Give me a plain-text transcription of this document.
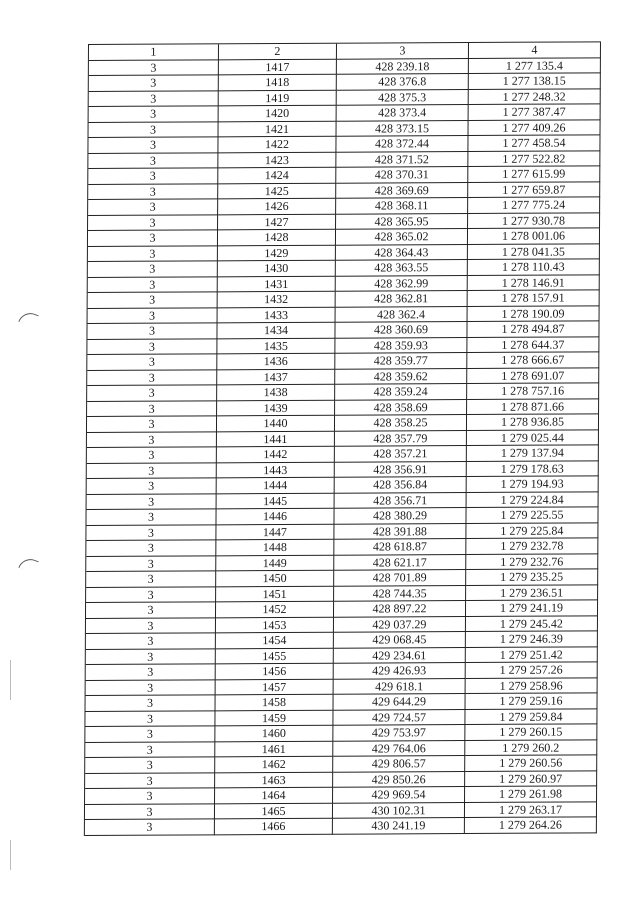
1	2	3	4
3	1417	428 239.18	1 277 135.4
3	1418	428 376.8	1 277 138.15
3	1419	428 375.3	1 277 248.32
3	1420	428 373.4	1 277 387.47
3	1421	428 373.15	1 277 409.26
3	1422	428 372.44	1 277 458.54
3	1423	428 371.52	1 277 522.82
3	1424	428 370.31	1 277 615.99
3	1425	428 369.69	1 277 659.87
3	1426	428 368.11	1 277 775.24
3	1427	428 365.95	1 277 930.78
3	1428	428 365.02	1 278 001.06
3	1429	428 364.43	1 278 041.35
3	1430	428 363.55	1 278 110.43
3	1431	428 362.99	1 278 146.91
3	1432	428 362.81	1 278 157.91
3	1433	428 362.4	1 278 190.09
3	1434	428 360.69	1 278 494.87
3	1435	428 359.93	1 278 644.37
3	1436	428 359.77	1 278 666.67
3	1437	428 359.62	1 278 691.07
3	1438	428 359.24	1 278 757.16
3	1439	428 358.69	1 278 871.66
3	1440	428 358.25	1 278 936.85
3	1441	428 357.79	1 279 025.44
3	1442	428 357.21	1 279 137.94
3	1443	428 356.91	1 279 178.63
3	1444	428 356.84	1 279 194.93
3	1445	428 356.71	1 279 224.84
3	1446	428 380.29	1 279 225.55
3	1447	428 391.88	1 279 225.84
3	1448	428 618.87	1 279 232.78
3	1449	428 621.17	1 279 232.76
3	1450	428 701.89	1 279 235.25
3	1451	428 744.35	1 279 236.51
3	1452	428 897.22	1 279 241.19
3	1453	429 037.29	1 279 245.42
3	1454	429 068.45	1 279 246.39
3	1455	429 234.61	1 279 251.42
3	1456	429 426.93	1 279 257.26
3	1457	429 618.1	1 279 258.96
3	1458	429 644.29	1 279 259.16
3	1459	429 724.57	1 279 259.84
3	1460	429 753.97	1 279 260.15
3	1461	429 764.06	1 279 260.2
3	1462	429 806.57	1 279 260.56
3	1463	429 850.26	1 279 260.97
3	1464	429 969.54	1 279 261.98
3	1465	430 102.31	1 279 263.17
3	1466	430 241.19	1 279 264.26
